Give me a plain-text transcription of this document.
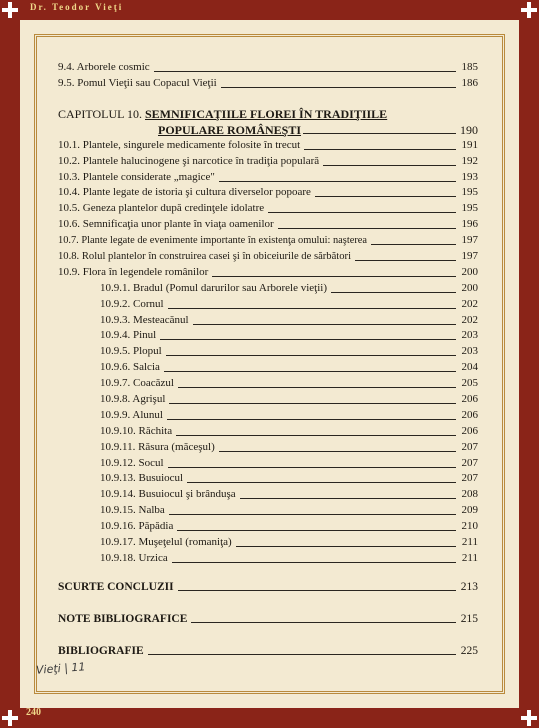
Dr. Teodor Vieţi
240
Vieţi | 11
9.4. Arborele cosmic	185
9.5. Pomul Vieţii sau Copacul Vieţii	186
CAPITOLUL 10. SEMNIFICAŢIILE FLOREI ÎN TRADIŢIILE
POPULARE ROMÂNEŞTI	190
10.1. Plantele, singurele medicamente folosite în trecut	191
10.2. Plantele halucinogene şi narcotice în tradiţia populară	192
10.3. Plantele considerate „magice"	193
10.4. Plante legate de istoria şi cultura diverselor popoare	195
10.5. Geneza plantelor după credinţele idolatre	195
10.6. Semnificaţia unor plante în viaţa oamenilor	196
10.7. Plante legate de evenimente importante în existenţa omului: naşterea	197
10.8. Rolul plantelor în construirea casei şi în obiceiurile de sărbători	197
10.9. Flora în legendele românilor	200
10.9.1. Bradul (Pomul darurilor sau Arborele vieţii)	200
10.9.2. Cornul	202
10.9.3. Mesteacănul	202
10.9.4. Pinul	203
10.9.5. Plopul	203
10.9.6. Salcia	204
10.9.7. Coacăzul	205
10.9.8. Agrişul	206
10.9.9. Alunul	206
10.9.10. Răchita	206
10.9.11. Răsura (măceşul)	207
10.9.12. Socul	207
10.9.13. Busuiocul	207
10.9.14. Busuiocul şi brânduşa	208
10.9.15. Nalba	209
10.9.16. Păpădia	210
10.9.17. Muşeţelul (romaniţa)	211
10.9.18. Urzica	211
SCURTE CONCLUZII	213
NOTE BIBLIOGRAFICE	215
BIBLIOGRAFIE	225
